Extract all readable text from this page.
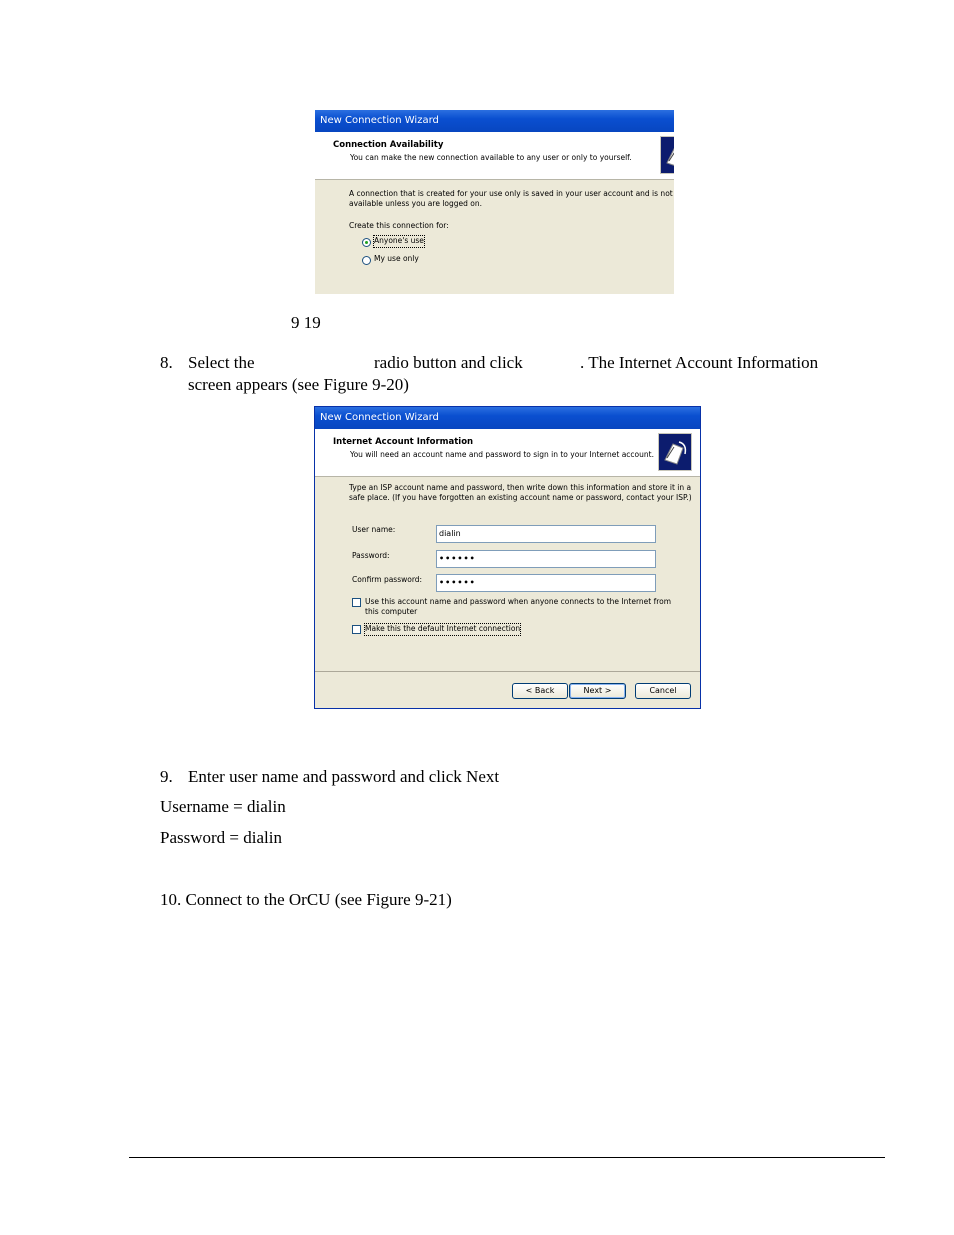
New Connection Wizard
Connection Availability
You can make the new connection available to any user or only to yourself.
A connection that is created for your use only is saved in your user account and is not
available unless you are logged on.
Create this connection for:
Anyone's use
My use only
9 19
8. Select the	radio button and click	. The Internet Account Information
screen appears (see Figure 9-20)
New Connection Wizard
Internet Account Information
You will need an account name and password to sign in to your Internet account.
Type an ISP account name and password, then write down this information and store it in a
safe place. (If you have forgotten an existing account name or password, contact your ISP.)
User name:	dialin
Password:	••••••
Confirm password:	••••••
Use this account name and password when anyone connects to the Internet from
this computer
Make this the default Internet connection
< Back	Next >	Cancel
9. Enter user name and password and click Next
Username = dialin
Password = dialin
10. Connect to the OrCU (see Figure 9-21)
